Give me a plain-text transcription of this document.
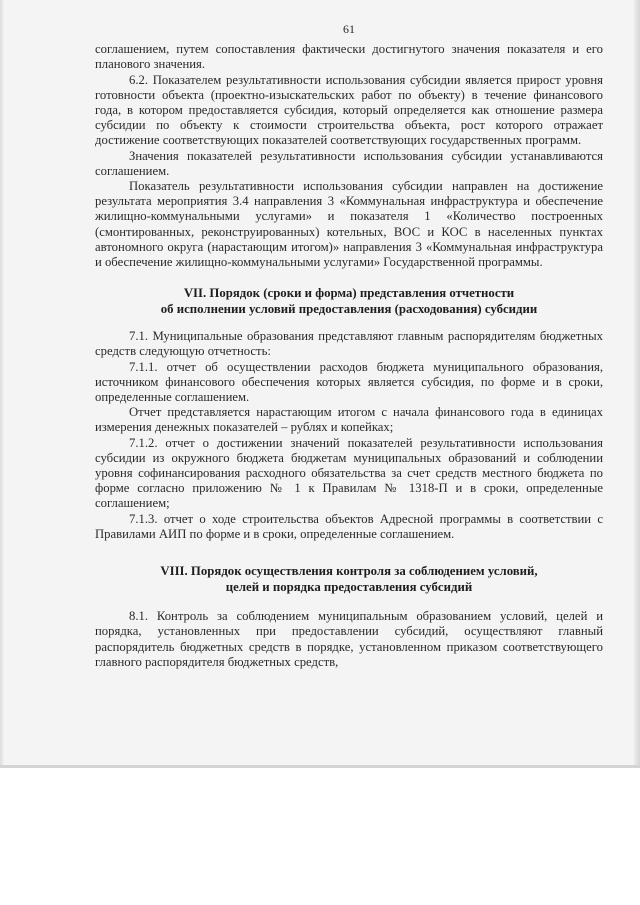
61

соглашением, путем сопоставления фактически достигнутого значения показателя и его планового значения.

6.2. Показателем результативности использования субсидии является прирост уровня готовности объекта (проектно-изыскательских работ по объекту) в течение финансового года, в котором предоставляется субсидия, который определяется как отношение размера субсидии по объекту к стоимости строительства объекта, рост которого отражает достижение соответствующих показателей соответствующих государственных программ.

Значения показателей результативности использования субсидии устанавливаются соглашением.

Показатель результативности использования субсидии направлен на достижение результата мероприятия 3.4 направления 3 «Коммунальная инфраструктура и обеспечение жилищно-коммунальными услугами» и показателя 1 «Количество построенных (смонтированных, реконструированных) котельных, ВОС и КОС в населенных пунктах автономного округа (нарастающим итогом)» направления 3 «Коммунальная инфраструктура и обеспечение жилищно-коммунальными услугами» Государственной программы.

VII. Порядок (сроки и форма) представления отчетности
об исполнении условий предоставления (расходования) субсидии

7.1. Муниципальные образования представляют главным распорядителям бюджетных средств следующую отчетность:

7.1.1. отчет об осуществлении расходов бюджета муниципального образования, источником финансового обеспечения которых является субсидия, по форме и в сроки, определенные соглашением.

Отчет представляется нарастающим итогом с начала финансового года в единицах измерения денежных показателей – рублях и копейках;

7.1.2. отчет о достижении значений показателей результативности использования субсидии из окружного бюджета бюджетам муниципальных образований и соблюдении уровня софинансирования расходного обязательства за счет средств местного бюджета по форме согласно приложению № 1 к Правилам № 1318-П и в сроки, определенные соглашением;

7.1.3. отчет о ходе строительства объектов Адресной программы в соответствии с Правилами АИП по форме и в сроки, определенные соглашением.

VIII. Порядок осуществления контроля за соблюдением условий,
целей и порядка предоставления субсидий

8.1. Контроль за соблюдением муниципальным образованием условий, целей и порядка, установленных при предоставлении субсидий, осуществляют главный распорядитель бюджетных средств в порядке, установленном приказом соответствующего главного распорядителя бюджетных средств,
